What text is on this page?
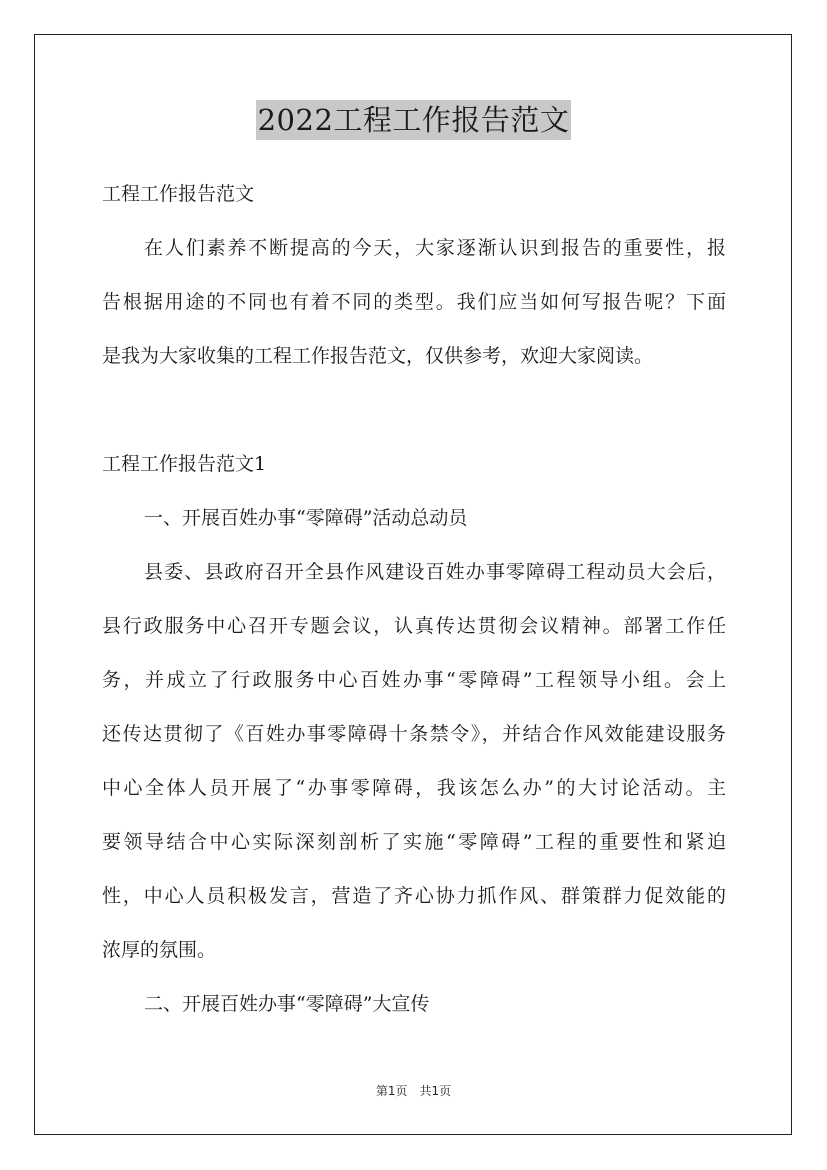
2022工程工作报告范文
工程工作报告范文
在人们素养不断提高的今天，大家逐渐认识到报告的重要性，报
告根据用途的不同也有着不同的类型。我们应当如何写报告呢？下面
是我为大家收集的工程工作报告范文，仅供参考，欢迎大家阅读。
工程工作报告范文1
一、开展百姓办事“零障碍”活动总动员
县委、县政府召开全县作风建设百姓办事零障碍工程动员大会后，
县行政服务中心召开专题会议，认真传达贯彻会议精神。部署工作任
务，并成立了行政服务中心百姓办事“零障碍”工程领导小组。会上
还传达贯彻了《百姓办事零障碍十条禁令》，并结合作风效能建设服务
中心全体人员开展了“办事零障碍，我该怎么办”的大讨论活动。主
要领导结合中心实际深刻剖析了实施“零障碍”工程的重要性和紧迫
性，中心人员积极发言，营造了齐心协力抓作风、群策群力促效能的
浓厚的氛围。
二、开展百姓办事“零障碍”大宣传
第1页　共1页
